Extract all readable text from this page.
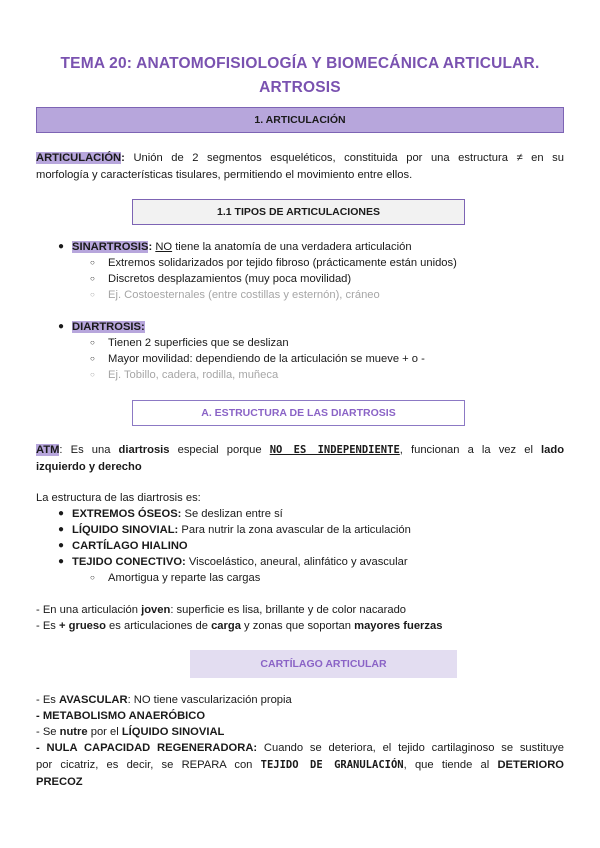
TEMA 20: ANATOMOFISIOLOGÍA Y BIOMECÁNICA ARTICULAR.
ARTROSIS
1. ARTICULACIÓN
ARTICULACIÓN: Unión de 2 segmentos esqueléticos, constituida por una estructura ≠ en su
morfología y características tisulares, permitiendo el movimiento entre ellos.
1.1 TIPOS DE ARTICULACIONES
● SINARTROSIS: NO tiene la anatomía de una verdadera articulación
○ Extremos solidarizados por tejido fibroso (prácticamente están unidos)
○ Discretos desplazamientos (muy poca movilidad)
○ Ej. Costoesternales (entre costillas y esternón), cráneo
● DIARTROSIS:
○ Tienen 2 superficies que se deslizan
○ Mayor movilidad: dependiendo de la articulación se mueve + o -
○ Ej. Tobillo, cadera, rodilla, muñeca
A. ESTRUCTURA DE LAS DIARTROSIS
ATM: Es una diartrosis especial porque NO ES INDEPENDIENTE, funcionan a la vez el lado
izquierdo y derecho
La estructura de las diartrosis es:
● EXTREMOS ÓSEOS: Se deslizan entre sí
● LÍQUIDO SINOVIAL: Para nutrir la zona avascular de la articulación
● CARTÍLAGO HIALINO
● TEJIDO CONECTIVO: Viscoelástico, aneural, alinfático y avascular
○ Amortigua y reparte las cargas
- En una articulación joven: superficie es lisa, brillante y de color nacarado
- Es + grueso es articulaciones de carga y zonas que soportan mayores fuerzas
CARTÍLAGO ARTICULAR
- Es AVASCULAR: NO tiene vascularización propia
- METABOLISMO ANAERÓBICO
- Se nutre por el LÍQUIDO SINOVIAL
- NULA CAPACIDAD REGENERADORA: Cuando se deteriora, el tejido cartilaginoso se sustituye
por cicatriz, es decir, se REPARA con TEJIDO DE GRANULACIÓN, que tiende al DETERIORO
PRECOZ
